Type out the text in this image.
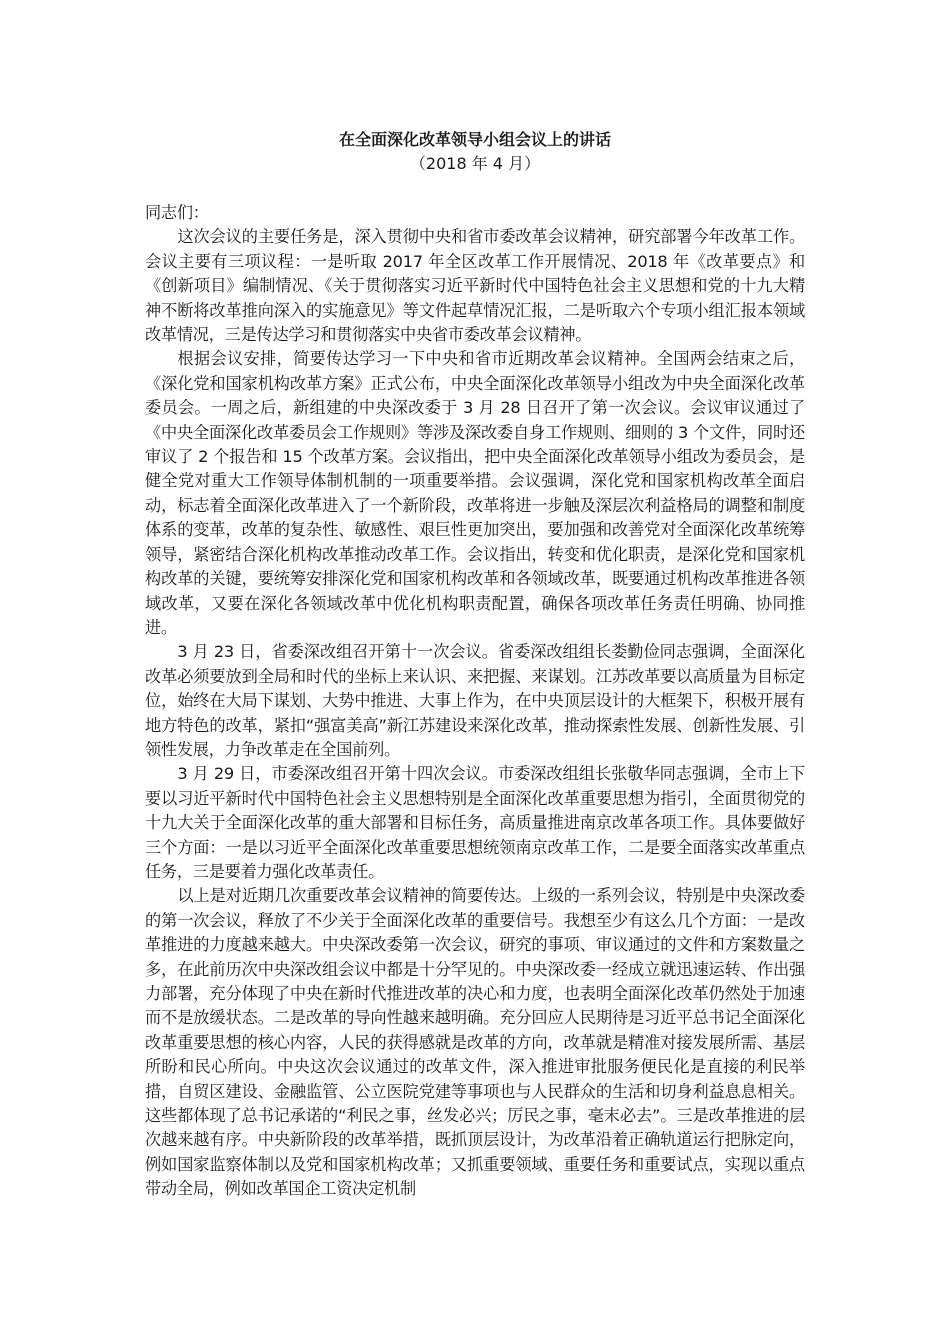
在全面深化改革领导小组会议上的讲话
（2018 年 4 月）

同志们：

这次会议的主要任务是，深入贯彻中央和省市委改革会议精神，研究部署今年改革工作。会议主要有三项议程：一是听取 2017 年全区改革工作开展情况、2018 年《改革要点》和《创新项目》编制情况、《关于贯彻落实习近平新时代中国特色社会主义思想和党的十九大精神不断将改革推向深入的实施意见》等文件起草情况汇报，二是听取六个专项小组汇报本领域改革情况，三是传达学习和贯彻落实中央省市委改革会议精神。

根据会议安排，简要传达学习一下中央和省市近期改革会议精神。全国两会结束之后，《深化党和国家机构改革方案》正式公布，中央全面深化改革领导小组改为中央全面深化改革委员会。一周之后，新组建的中央深改委于 3 月 28 日召开了第一次会议。会议审议通过了《中央全面深化改革委员会工作规则》等涉及深改委自身工作规则、细则的 3 个文件，同时还审议了 2 个报告和 15 个改革方案。会议指出，把中央全面深化改革领导小组改为委员会，是健全党对重大工作领导体制机制的一项重要举措。会议强调，深化党和国家机构改革全面启动，标志着全面深化改革进入了一个新阶段，改革将进一步触及深层次利益格局的调整和制度体系的变革，改革的复杂性、敏感性、艰巨性更加突出，要加强和改善党对全面深化改革统筹领导，紧密结合深化机构改革推动改革工作。会议指出，转变和优化职责，是深化党和国家机构改革的关键，要统筹安排深化党和国家机构改革和各领域改革，既要通过机构改革推进各领域改革，又要在深化各领域改革中优化机构职责配置，确保各项改革任务责任明确、协同推进。

3 月 23 日，省委深改组召开第十一次会议。省委深改组组长娄勤俭同志强调，全面深化改革必须要放到全局和时代的坐标上来认识、来把握、来谋划。江苏改革要以高质量为目标定位，始终在大局下谋划、大势中推进、大事上作为，在中央顶层设计的大框架下，积极开展有地方特色的改革，紧扣“强富美高”新江苏建设来深化改革，推动探索性发展、创新性发展、引领性发展，力争改革走在全国前列。

3 月 29 日，市委深改组召开第十四次会议。市委深改组组长张敬华同志强调，全市上下要以习近平新时代中国特色社会主义思想特别是全面深化改革重要思想为指引，全面贯彻党的十九大关于全面深化改革的重大部署和目标任务，高质量推进南京改革各项工作。具体要做好三个方面：一是以习近平全面深化改革重要思想统领南京改革工作，二是要全面落实改革重点任务，三是要着力强化改革责任。

以上是对近期几次重要改革会议精神的简要传达。上级的一系列会议，特别是中央深改委的第一次会议，释放了不少关于全面深化改革的重要信号。我想至少有这么几个方面：一是改革推进的力度越来越大。中央深改委第一次会议，研究的事项、审议通过的文件和方案数量之多，在此前历次中央深改组会议中都是十分罕见的。中央深改委一经成立就迅速运转、作出强力部署，充分体现了中央在新时代推进改革的决心和力度，也表明全面深化改革仍然处于加速而不是放缓状态。二是改革的导向性越来越明确。充分回应人民期待是习近平总书记全面深化改革重要思想的核心内容，人民的获得感就是改革的方向，改革就是精准对接发展所需、基层所盼和民心所向。中央这次会议通过的改革文件，深入推进审批服务便民化是直接的利民举措，自贸区建设、金融监管、公立医院党建等事项也与人民群众的生活和切身利益息息相关。这些都体现了总书记承诺的“利民之事，丝发必兴；厉民之事，毫末必去”。三是改革推进的层次越来越有序。中央新阶段的改革举措，既抓顶层设计，为改革沿着正确轨道运行把脉定向，例如国家监察体制以及党和国家机构改革；又抓重要领域、重要任务和重要试点，实现以重点带动全局，例如改革国企工资决定机制
